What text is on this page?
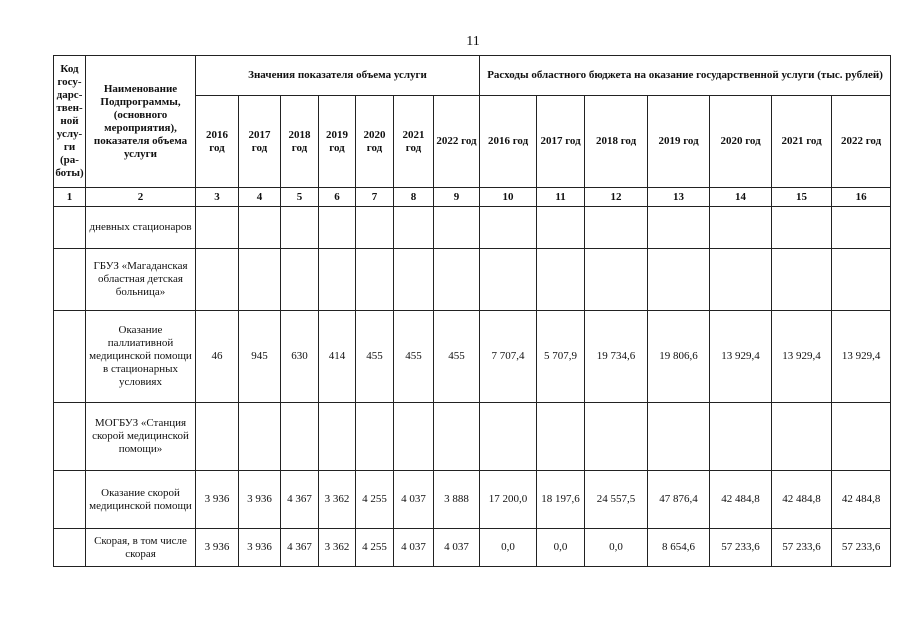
11
Код госу-дарс-твен-ной услу-ги (ра-боты)	Наименование Подпрограммы, (основного мероприятия), показателя объема услуги	Значения показателя объема услуги							Расходы областного бюджета на оказание государственной услуги (тыс. рублей)						
		2016 год	2017 год	2018 год	2019 год	2020 год	2021 год	2022 год	2016 год	2017 год	2018 год	2019 год	2020 год	2021 год	2022 год
1	2	3	4	5	6	7	8	9	10	11	12	13	14	15	16
	дневных стационаров														
	ГБУЗ «Магаданская областная детская больница»														
	Оказание паллиативной медицинской помощи в стационарных условиях	46	945	630	414	455	455	455	7 707,4	5 707,9	19 734,6	19 806,6	13 929,4	13 929,4	13 929,4
	МОГБУЗ «Станция скорой медицинской помощи»														
	Оказание скорой медицинской помощи	3 936	3 936	4 367	3 362	4 255	4 037	3 888	17 200,0	18 197,6	24 557,5	47 876,4	42 484,8	42 484,8	42 484,8
	Скорая, в том числе скорая	3 936	3 936	4 367	3 362	4 255	4 037	4 037	0,0	0,0	0,0	8 654,6	57 233,6	57 233,6	57 233,6
